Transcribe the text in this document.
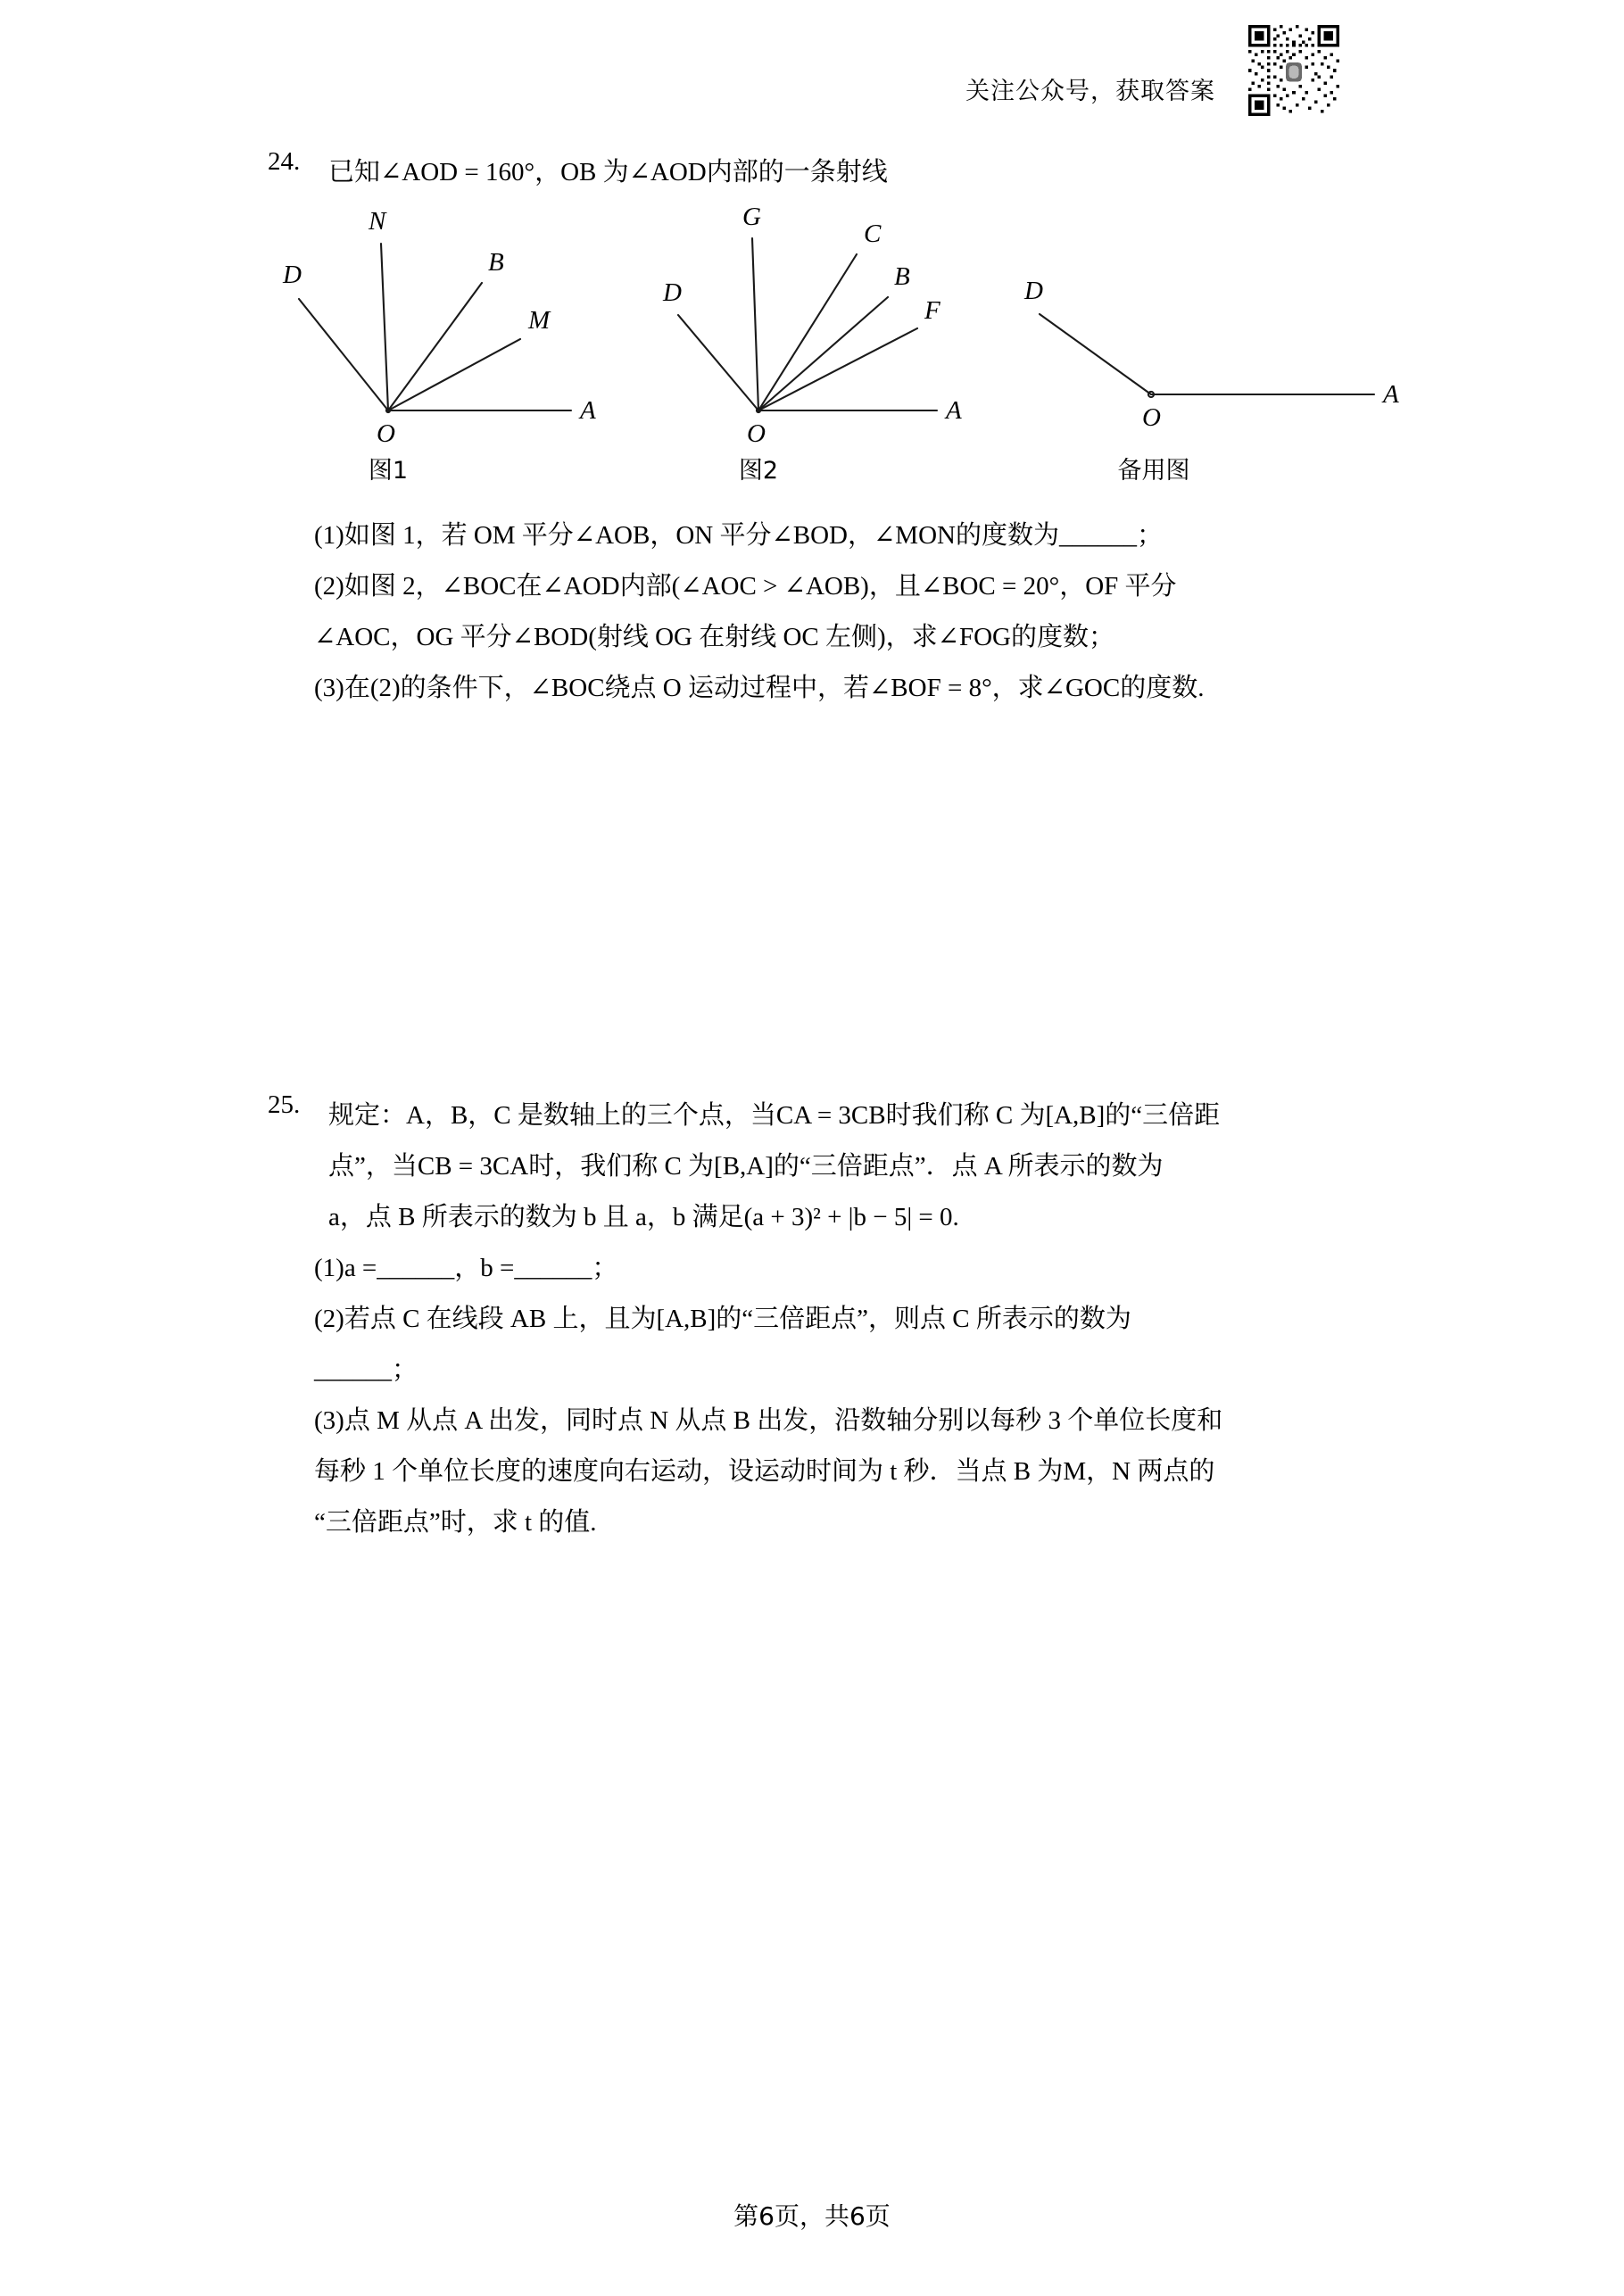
关注公众号，获取答案
24. 已知∠AOD = 160°，OB 为∠AOD内部的一条射线
D
N
B
M
A
O
图1
D
G
C
B
F
A
O
图2
D
A
O
备用图
(1)如图 1，若 OM 平分∠AOB，ON 平分∠BOD，∠MON的度数为______；
(2)如图 2，∠BOC在∠AOD内部(∠AOC > ∠AOB)，且∠BOC = 20°，OF 平分
∠AOC，OG 平分∠BOD(射线 OG 在射线 OC 左侧)，求∠FOG的度数；
(3)在(2)的条件下，∠BOC绕点 O 运动过程中，若∠BOF = 8°，求∠GOC的度数.
25. 规定：A，B，C 是数轴上的三个点，当CA = 3CB时我们称 C 为[A,B]的“三倍距
点”，当CB = 3CA时，我们称 C 为[B,A]的“三倍距点”．点 A 所表示的数为
a，点 B 所表示的数为 b 且 a，b 满足(a + 3)² + |b − 5| = 0.
(1)a =______，b =______；
(2)若点 C 在线段 AB 上，且为[A,B]的“三倍距点”，则点 C 所表示的数为
______；
(3)点 M 从点 A 出发，同时点 N 从点 B 出发，沿数轴分别以每秒 3 个单位长度和
每秒 1 个单位长度的速度向右运动，设运动时间为 t 秒．当点 B 为M，N 两点的
“三倍距点”时，求 t 的值.
第6页，共6页
